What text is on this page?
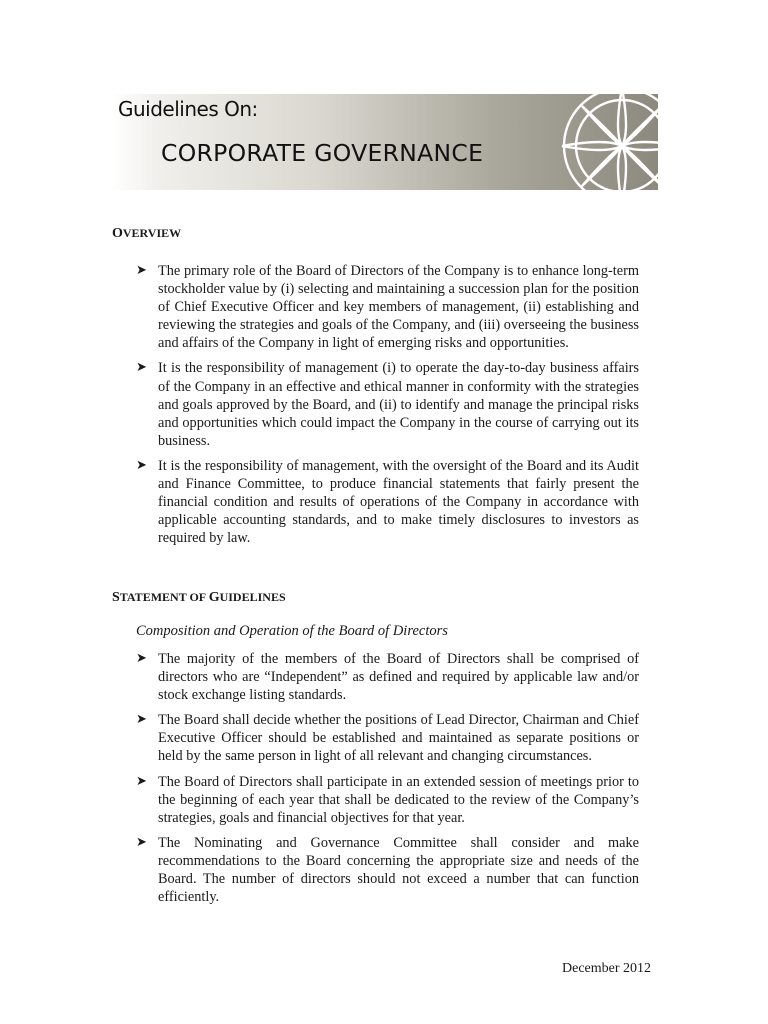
Guidelines On:
CORPORATE GOVERNANCE
OVERVIEW
➤ The primary role of the Board of Directors of the Company is to enhance long-term stockholder value by (i) selecting and maintaining a succession plan for the position of Chief Executive Officer and key members of management, (ii) establishing and reviewing the strategies and goals of the Company, and (iii) overseeing the business and affairs of the Company in light of emerging risks and opportunities.
➤ It is the responsibility of management (i) to operate the day-to-day business affairs of the Company in an effective and ethical manner in conformity with the strategies and goals approved by the Board, and (ii) to identify and manage the principal risks and opportunities which could impact the Company in the course of carrying out its business.
➤ It is the responsibility of management, with the oversight of the Board and its Audit and Finance Committee, to produce financial statements that fairly present the financial condition and results of operations of the Company in accordance with applicable accounting standards, and to make timely disclosures to investors as required by law.
STATEMENT OF GUIDELINES
Composition and Operation of the Board of Directors
➤ The majority of the members of the Board of Directors shall be comprised of directors who are “Independent” as defined and required by applicable law and/or stock exchange listing standards.
➤ The Board shall decide whether the positions of Lead Director, Chairman and Chief Executive Officer should be established and maintained as separate positions or held by the same person in light of all relevant and changing circumstances.
➤ The Board of Directors shall participate in an extended session of meetings prior to the beginning of each year that shall be dedicated to the review of the Company’s strategies, goals and financial objectives for that year.
➤ The Nominating and Governance Committee shall consider and make recommendations to the Board concerning the appropriate size and needs of the Board. The number of directors should not exceed a number that can function efficiently.
December 2012
